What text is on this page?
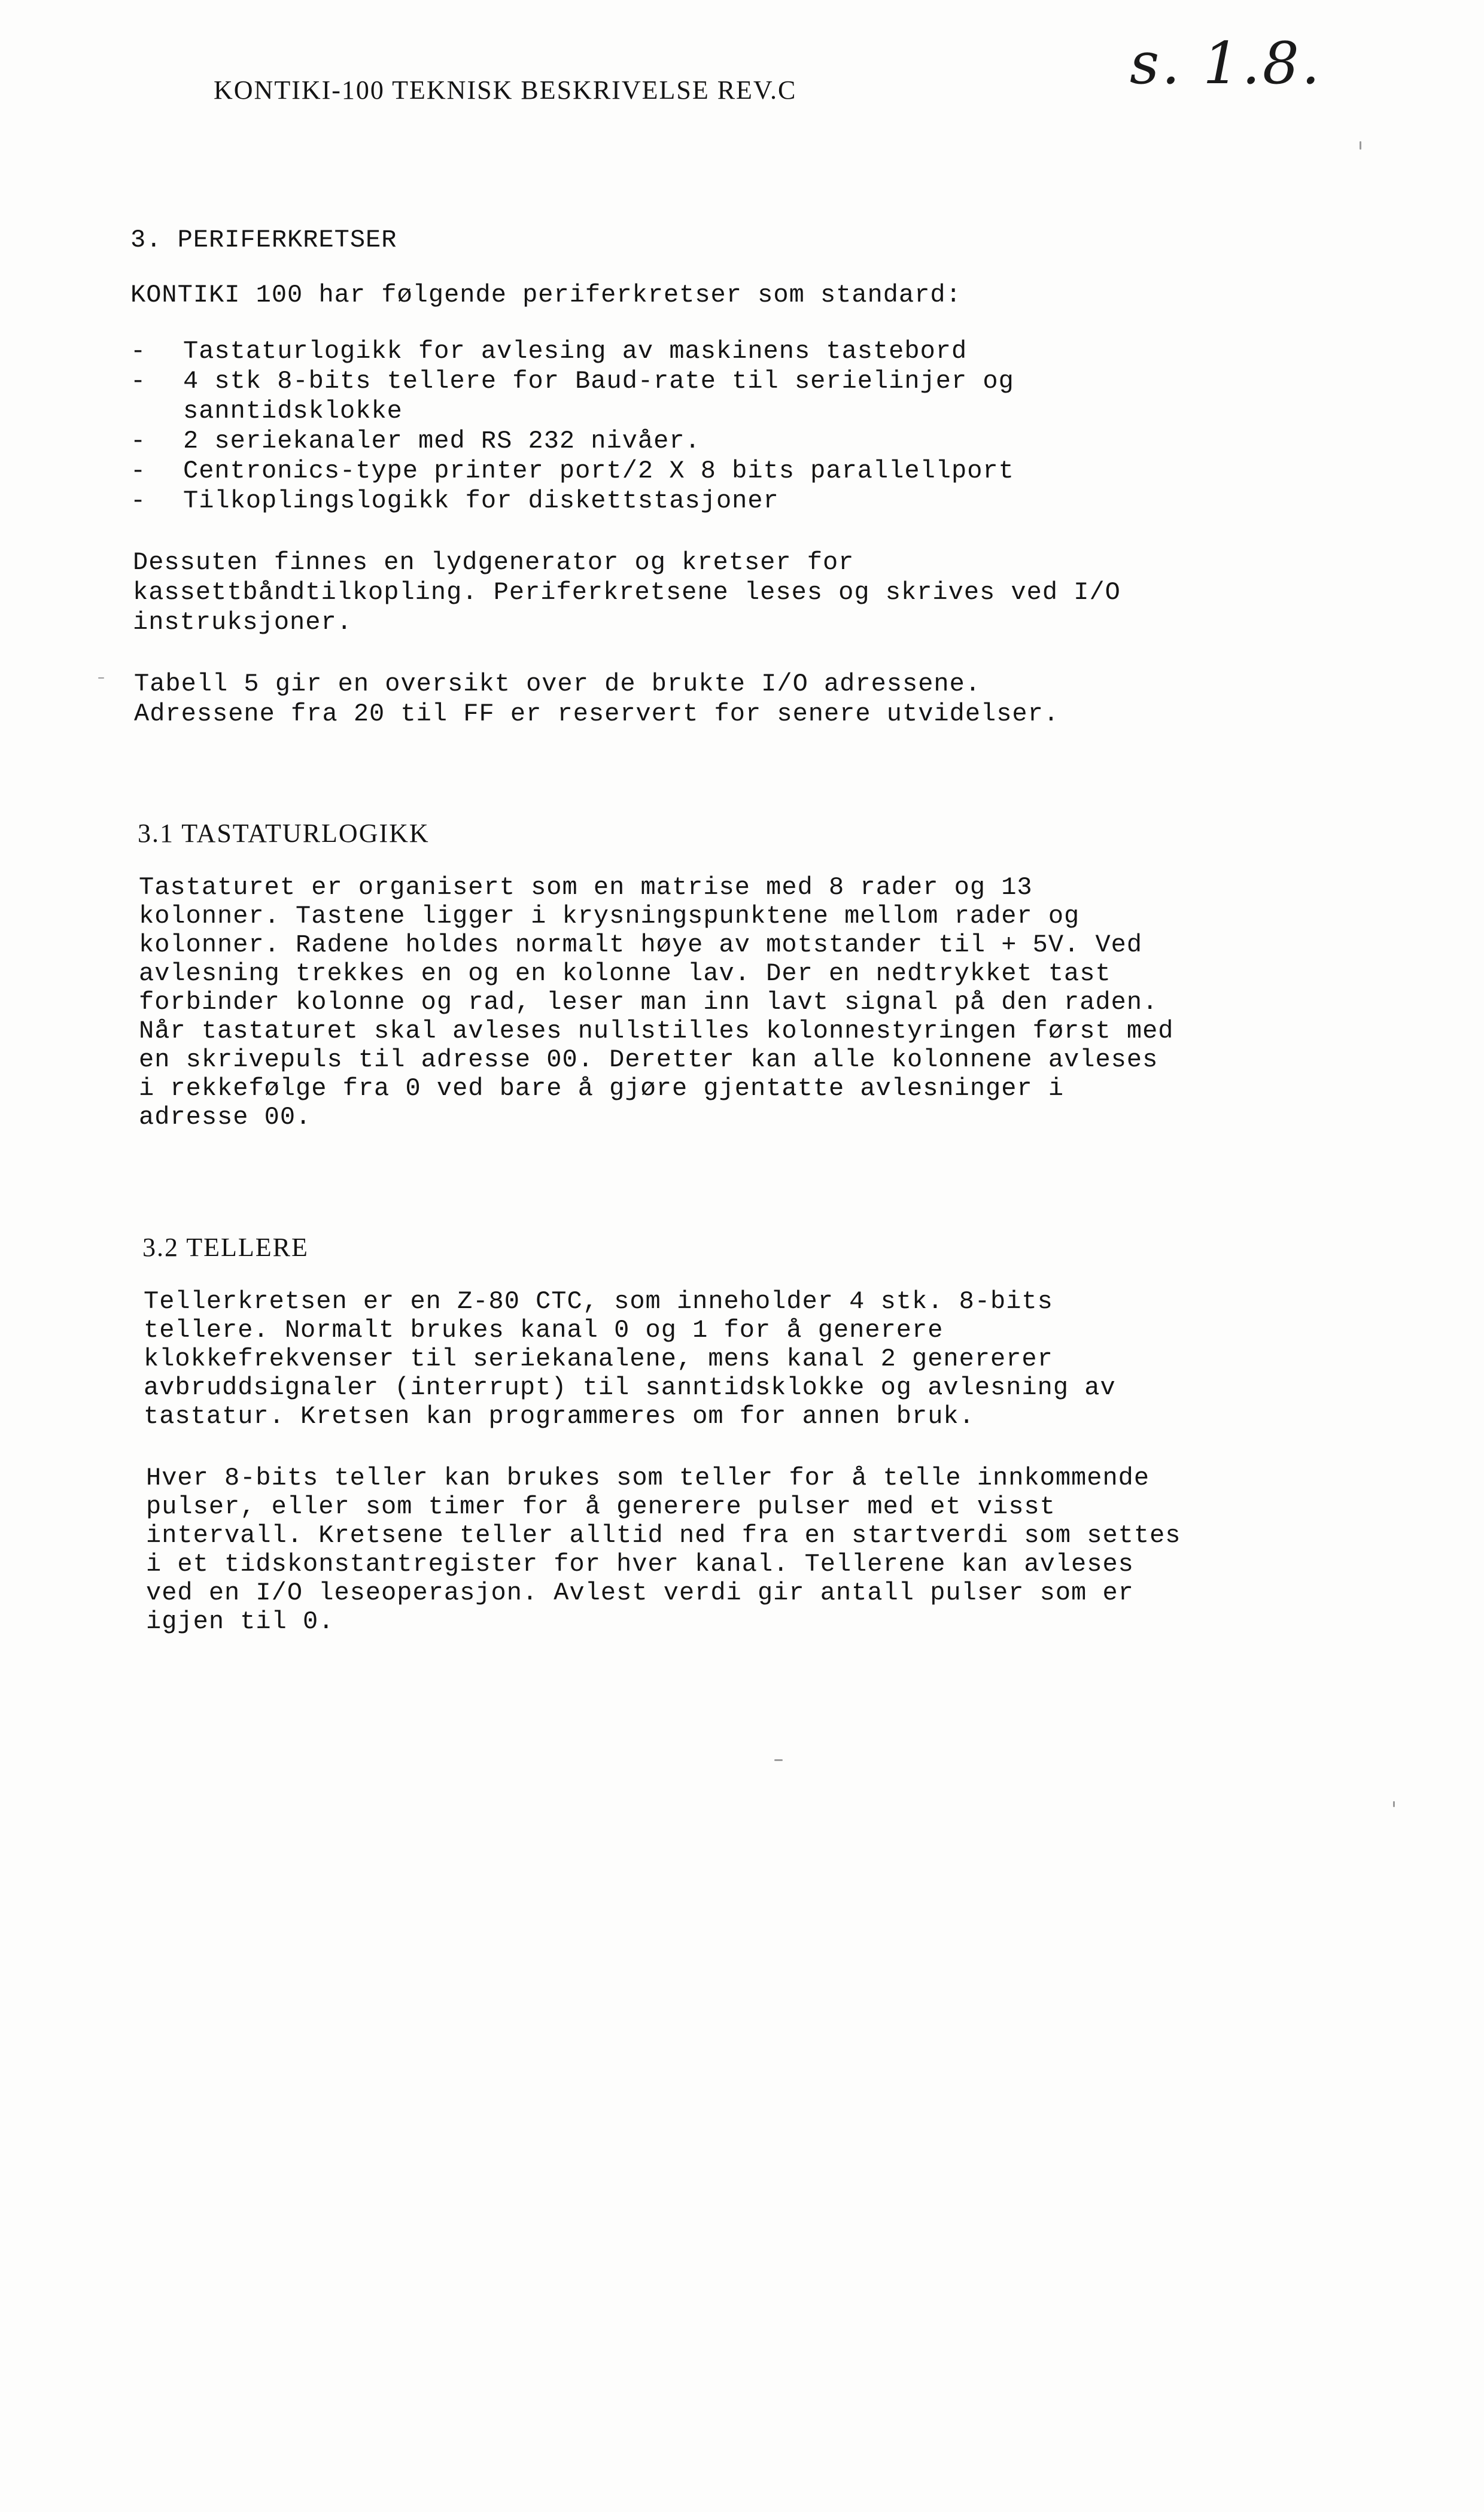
KONTIKI-100 TEKNISK BESKRIVELSE REV.C	s. 1.8.
3. PERIFERKRETSER
KONTIKI 100 har følgende periferkretser som standard:
- Tastaturlogikk for avlesing av maskinens tastebord
- 4 stk 8-bits tellere for Baud-rate til serielinjer og
sanntidsklokke
- 2 seriekanaler med RS 232 nivåer.
- Centronics-type printer port/2 X 8 bits parallellport
- Tilkoplingslogikk for diskettstasjoner
Dessuten finnes en lydgenerator og kretser for
kassettbåndtilkopling. Periferkretsene leses og skrives ved I/O
instruksjoner.
Tabell 5 gir en oversikt over de brukte I/O adressene.
Adressene fra 20 til FF er reservert for senere utvidelser.
3.1 TASTATURLOGIKK
Tastaturet er organisert som en matrise med 8 rader og 13
kolonner. Tastene ligger i krysningspunktene mellom rader og
kolonner. Radene holdes normalt høye av motstander til + 5V. Ved
avlesning trekkes en og en kolonne lav. Der en nedtrykket tast
forbinder kolonne og rad, leser man inn lavt signal på den raden.
Når tastaturet skal avleses nullstilles kolonnestyringen først med
en skrivepuls til adresse 00. Deretter kan alle kolonnene avleses
i rekkefølge fra 0 ved bare å gjøre gjentatte avlesninger i
adresse 00.
3.2 TELLERE
Tellerkretsen er en Z-80 CTC, som inneholder 4 stk. 8-bits
tellere. Normalt brukes kanal 0 og 1 for å generere
klokkefrekvenser til seriekanalene, mens kanal 2 genererer
avbruddsignaler (interrupt) til sanntidsklokke og avlesning av
tastatur. Kretsen kan programmeres om for annen bruk.
Hver 8-bits teller kan brukes som teller for å telle innkommende
pulser, eller som timer for å generere pulser med et visst
intervall. Kretsene teller alltid ned fra en startverdi som settes
i et tidskonstantregister for hver kanal. Tellerene kan avleses
ved en I/O leseoperasjon. Avlest verdi gir antall pulser som er
igjen til 0.
